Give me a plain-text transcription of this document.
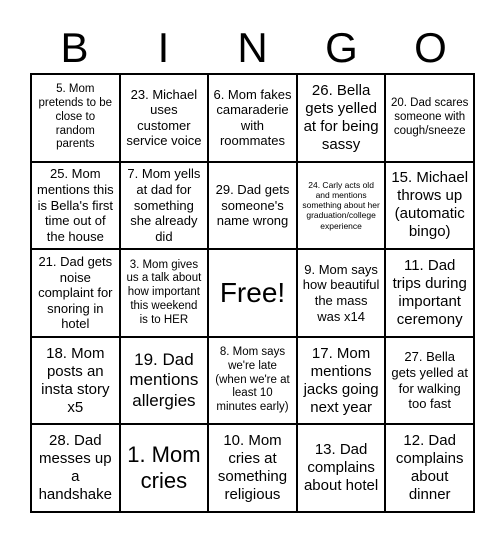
B	I	N	G	O
5. Mom pretends to be close to random parents
23. Michael uses customer service voice
6. Mom fakes camaraderie with roommates
26. Bella gets yelled at for being sassy
20. Dad scares someone with cough/sneeze
25. Mom mentions this is Bella's first time out of the house
7. Mom yells at dad for something she already did
29. Dad gets someone's name wrong
24. Carly acts old and mentions something about her graduation/college experience
15. Michael throws up (automatic bingo)
21. Dad gets noise complaint for snoring in hotel
3. Mom gives us a talk about how important this weekend is to HER
Free!
9. Mom says how beautiful the mass was x14
11. Dad trips during important ceremony
18. Mom posts an insta story x5
19. Dad mentions allergies
8. Mom says we're late (when we're at least 10 minutes early)
17. Mom mentions jacks going next year
27. Bella gets yelled at for walking too fast
28. Dad messes up a handshake
1. Mom cries
10. Mom cries at something religious
13. Dad complains about hotel
12. Dad complains about dinner
